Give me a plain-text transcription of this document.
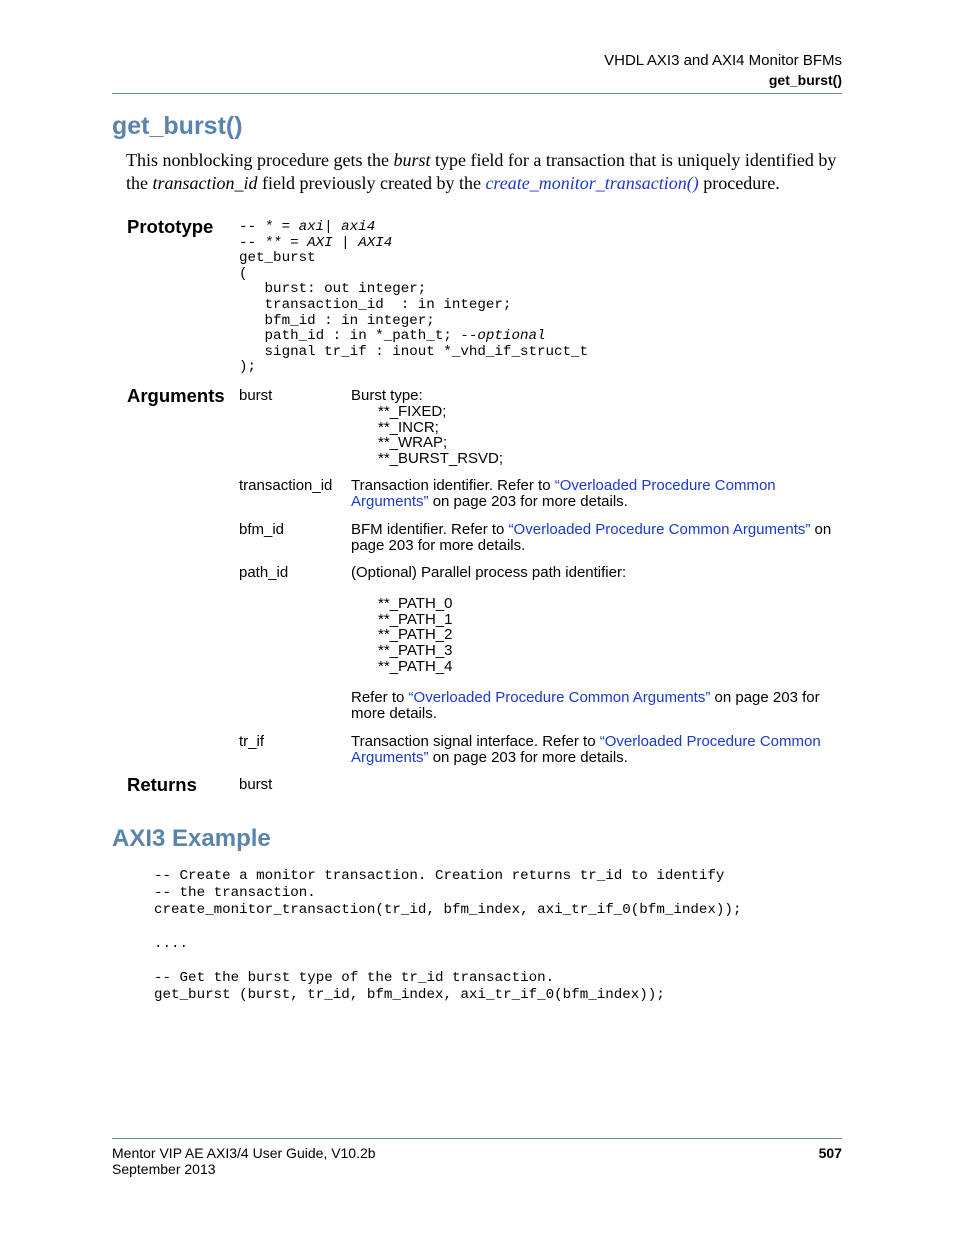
VHDL AXI3 and AXI4 Monitor BFMs
get_burst()
get_burst()
This nonblocking procedure gets the burst type field for a transaction that is uniquely identified by the transaction_id field previously created by the create_monitor_transaction() procedure.
Prototype -- * = axi| axi4
-- ** = AXI | AXI4
get_burst
(
burst: out integer;
transaction_id  : in integer;
bfm_id : in integer;
path_id : in *_path_t; --optional
signal tr_if : inout *_vhd_if_struct_t
);
Arguments burst	Burst type:
**_FIXED;
**_INCR;
**_WRAP;
**_BURST_RSVD;
transaction_id Transaction identifier. Refer to “Overloaded Procedure Common Arguments” on page 203 for more details.
bfm_id	BFM identifier. Refer to “Overloaded Procedure Common Arguments” on page 203 for more details.
path_id	(Optional) Parallel process path identifier:
**_PATH_0
**_PATH_1
**_PATH_2
**_PATH_3
**_PATH_4
Refer to “Overloaded Procedure Common Arguments” on page 203 for more details.
tr_if	Transaction signal interface. Refer to “Overloaded Procedure Common Arguments” on page 203 for more details.
Returns	burst
AXI3 Example
-- Create a monitor transaction. Creation returns tr_id to identify
-- the transaction.
create_monitor_transaction(tr_id, bfm_index, axi_tr_if_0(bfm_index));
....
-- Get the burst type of the tr_id transaction.
get_burst (burst, tr_id, bfm_index, axi_tr_if_0(bfm_index));
Mentor VIP AE AXI3/4 User Guide, V10.2b
September 2013
507
